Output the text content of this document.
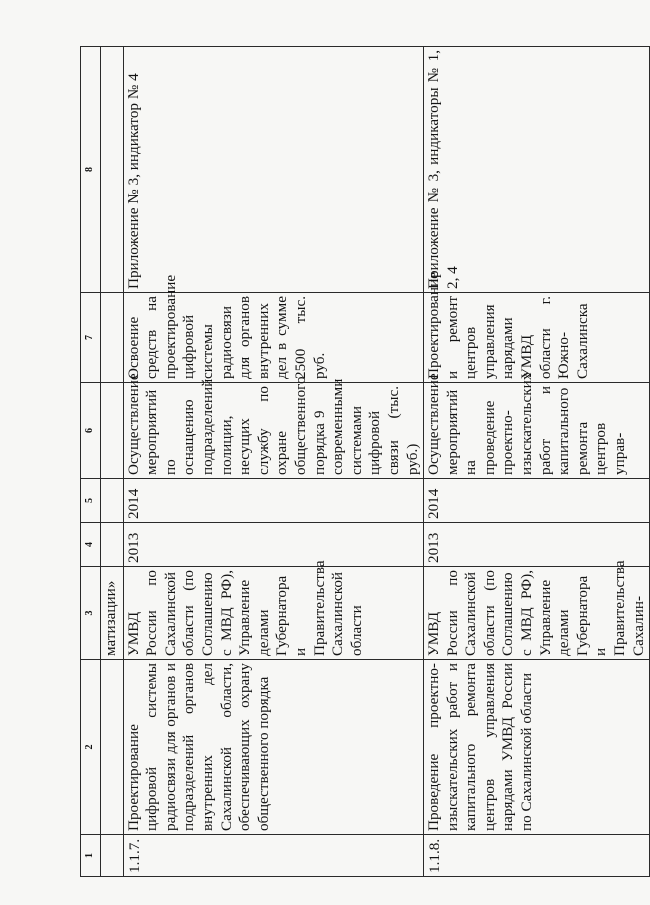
9
1	2	3	4	5	6	7	8
		матизации»					
1.1.7.	Проектирование цифровой системы радиосвязи для органов и подразделений органов внутренних дел Сахалинской области, обеспечивающих охрану общественного порядка	УМВД России по Сахалинской области (по Соглашению с МВД РФ), Управление делами Губернатора и Правительства Сахалинской области	2013	2014	Осуществление мероприятий по оснащению подразделений полиции, несущих службу по охране общественного порядка современными системами цифровой связи (тыс. руб.)	Освоение средств на проектирование цифровой системы радиосвязи для органов внутренних дел в сумме 2500 тыс. руб.	Приложение № 3, индикатор № 4
1.1.8.	Проведение проектно-изыскательских работ и капитального ремонта центров управления нарядами УМВД России по Сахалинской области	УМВД России по Сахалинской области (по Соглашению с МВД РФ), Управление делами Губернатора и Правительства Сахалин-	2013	2014	Осуществление мероприятий на проведение проектно-изыскательских работ и капитального ремонта центров управ-	Проектирование и ремонт центров управления нарядами УМВД области г. Южно-Сахалинска	Приложение № 3, индикаторы № 1, 2, 4
